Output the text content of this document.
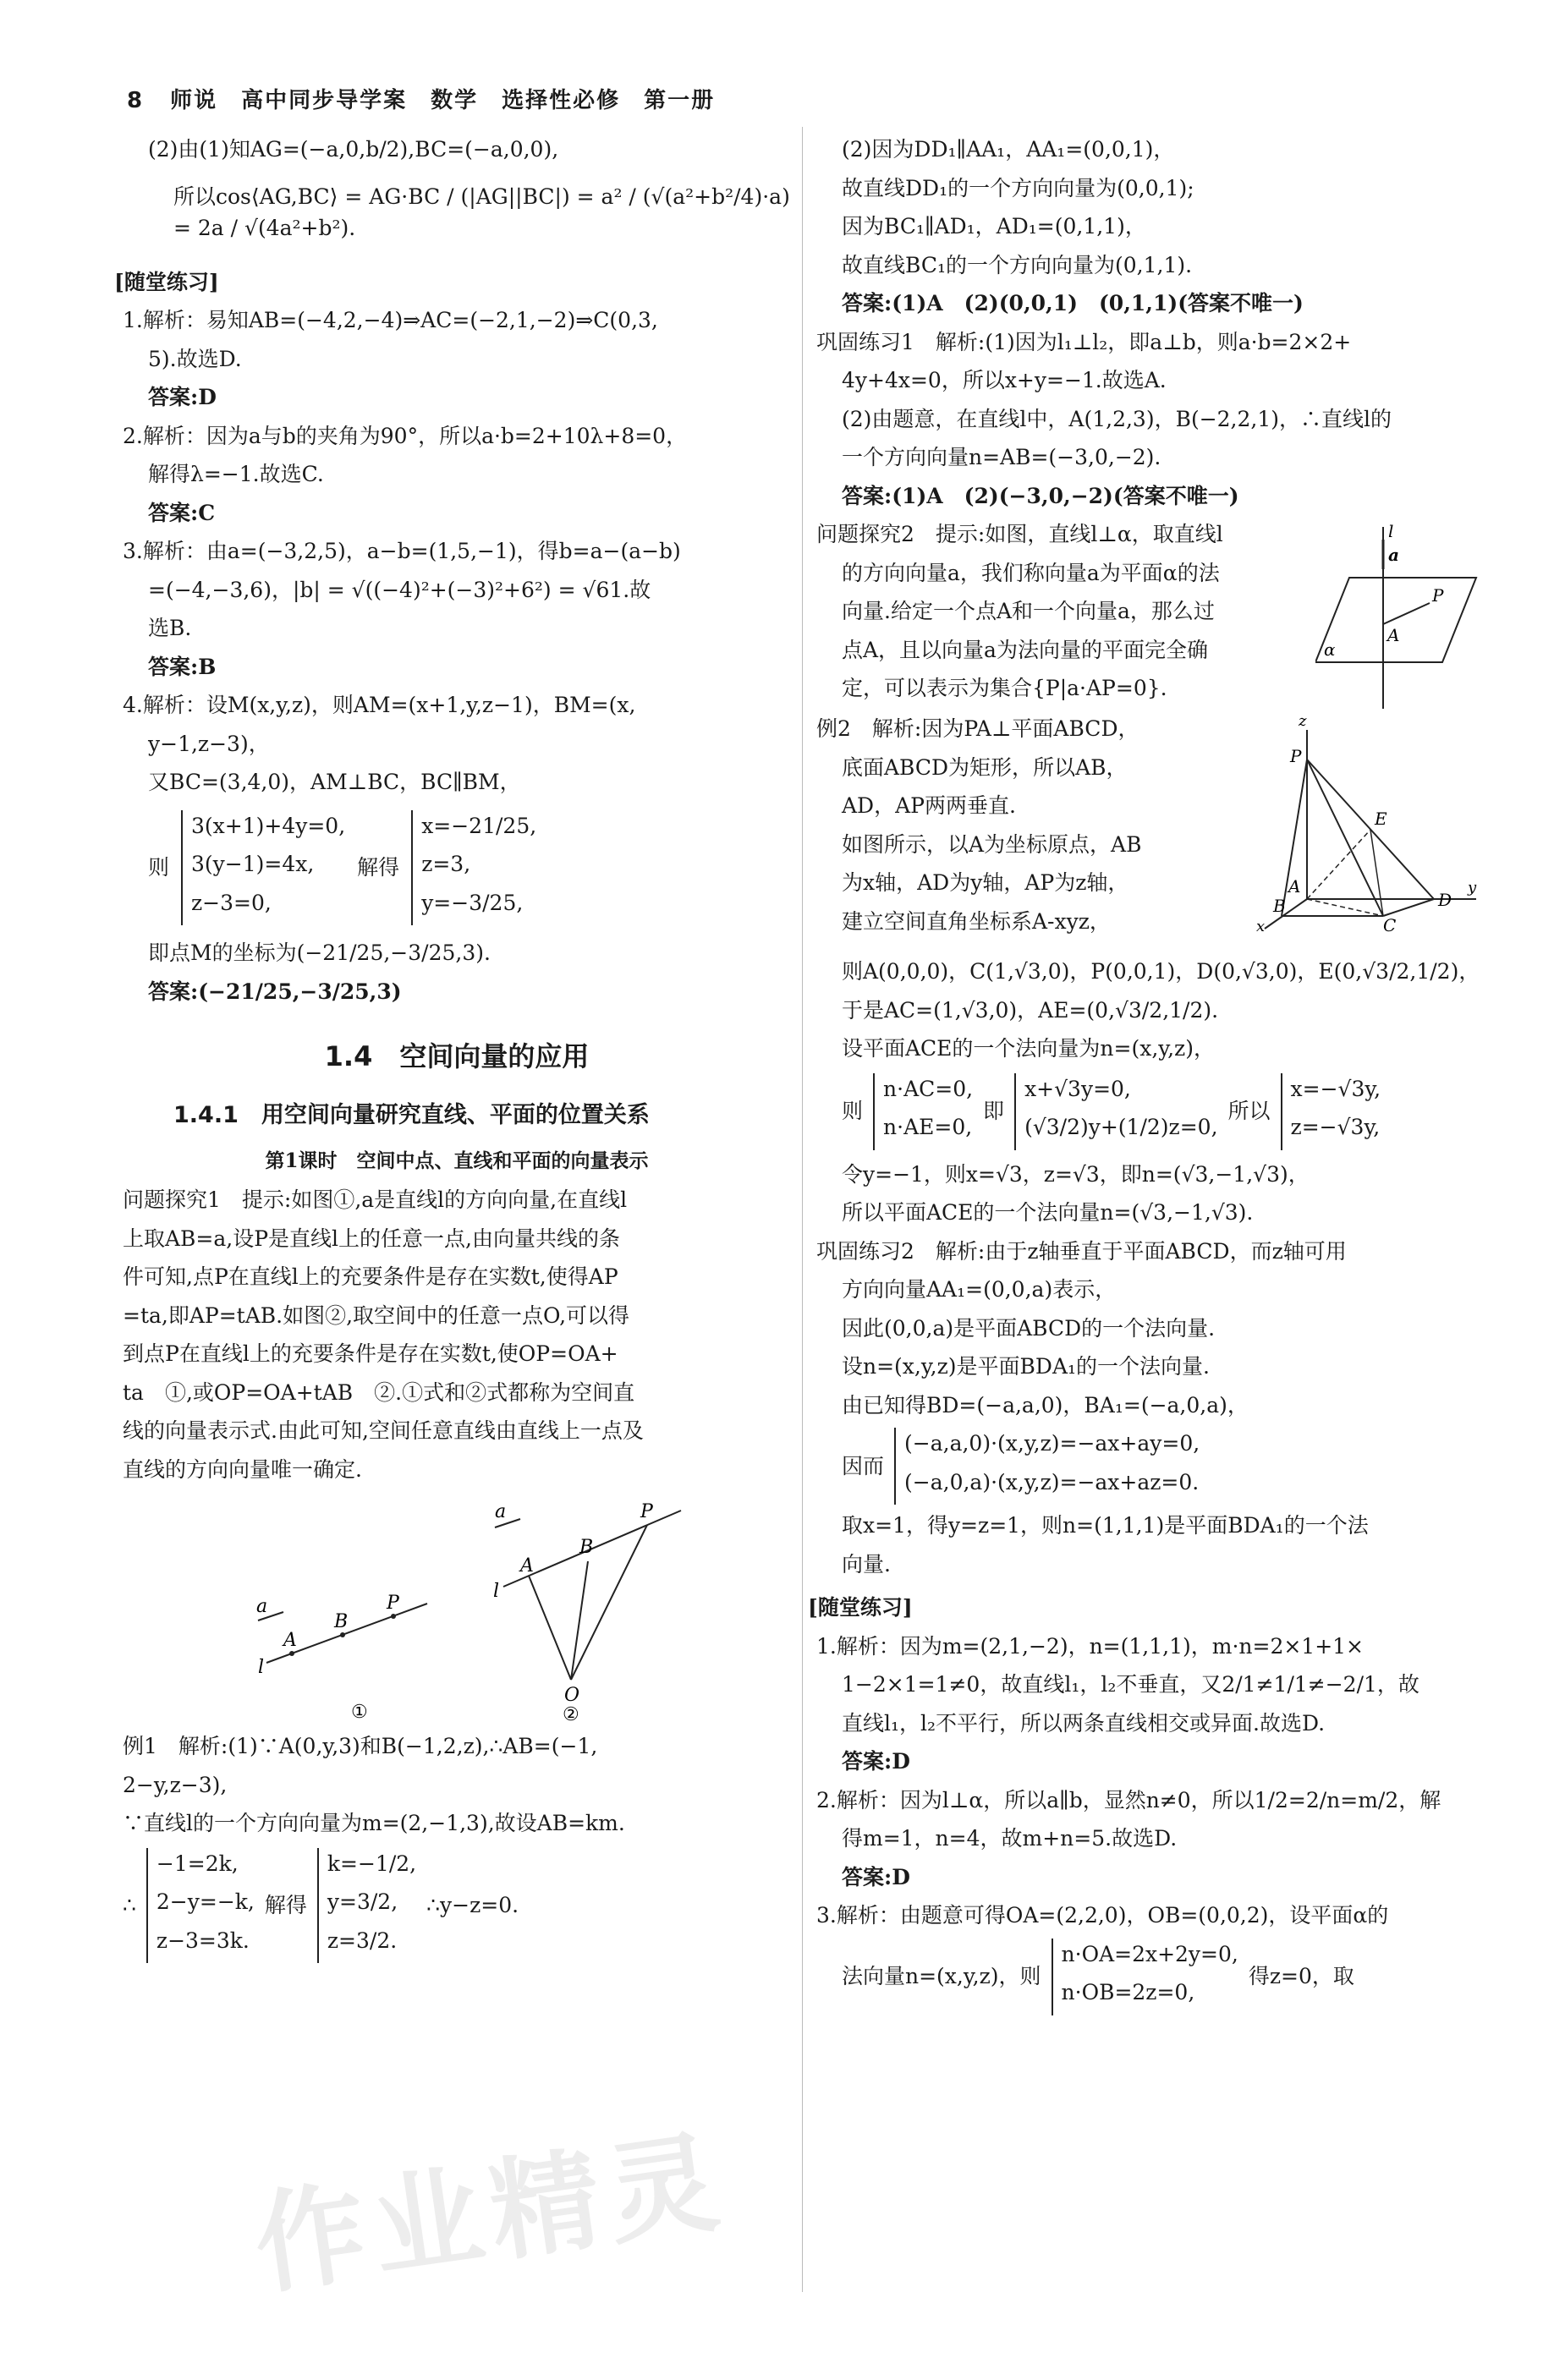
8 师说　高中同步导学案　数学　选择性必修　第一册
(2)由(1)知AG=(−a,0,b/2),BC=(−a,0,0),
所以cos⟨AG,BC⟩ = AG·BC / (|AG||BC|) = a² / (√(a²+b²/4)·a) = 2a / √(4a²+b²).
[随堂练习]
1.解析：易知AB=(−4,2,−4)⇒AC=(−2,1,−2)⇒C(0,3,
5).故选D.
答案:D
2.解析：因为a与b的夹角为90°，所以a·b=2+10λ+8=0，
解得λ=−1.故选C.
答案:C
3.解析：由a=(−3,2,5)，a−b=(1,5,−1)，得b=a−(a−b)
=(−4,−3,6)，|b| = √((−4)²+(−3)²+6²) = √61.故
选B.
答案:B
4.解析：设M(x,y,z)，则AM=(x+1,y,z−1)，BM=(x,
y−1,z−3)，
又BC=(3,4,0)，AM⊥BC，BC∥BM，
则
3(x+1)+4y=0,
3(y−1)=4x,
z−3=0,
解得
x=−21/25,
z=3,
y=−3/25,
即点M的坐标为(−21/25,−3/25,3).
答案:(−21/25,−3/25,3)
1.4　空间向量的应用
1.4.1　用空间向量研究直线、平面的位置关系
第1课时　空间中点、直线和平面的向量表示
问题探究1　提示:如图①,a是直线l的方向向量,在直线l
上取AB=a,设P是直线l上的任意一点,由向量共线的条
件可知,点P在直线l上的充要条件是存在实数t,使得AP
=ta,即AP=tAB.如图②,取空间中的任意一点O,可以得
到点P在直线l上的充要条件是存在实数t,使OP=OA+
ta　①,或OP=OA+tAB　②.①式和②式都称为空间直
线的向量表示式.由此可知,空间任意直线由直线上一点及
直线的方向向量唯一确定.
a
A
B
P
l
①
a
A
B
P
l
O
②
例1　解析:(1)∵A(0,y,3)和B(−1,2,z),∴AB=(−1,
2−y,z−3),
∵直线l的一个方向向量为m=(2,−1,3),故设AB=km.
∴
−1=2k,
2−y=−k,
z−3=3k.
解得
k=−1/2,
y=3/2,
z=3/2.
∴y−z=0.
(2)因为DD₁∥AA₁，AA₁=(0,0,1)，
故直线DD₁的一个方向向量为(0,0,1);
因为BC₁∥AD₁，AD₁=(0,1,1)，
故直线BC₁的一个方向向量为(0,1,1).
答案:(1)A　(2)(0,0,1)　(0,1,1)(答案不唯一)
巩固练习1　解析:(1)因为l₁⊥l₂，即a⊥b，则a·b=2×2+
4y+4x=0，所以x+y=−1.故选A.
(2)由题意，在直线l中，A(1,2,3)，B(−2,2,1)，∴直线l的
一个方向向量n=AB=(−3,0,−2).
答案:(1)A　(2)(−3,0,−2)(答案不唯一)
l
a
P
A
α
问题探究2　提示:如图，直线l⊥α，取直线l
的方向向量a，我们称向量a为平面α的法
向量.给定一个点A和一个向量a，那么过
点A，且以向量a为法向量的平面完全确
定，可以表示为集合{P|a·AP=0}.
z
P
E
A
D
y
B
C
x
例2　解析:因为PA⊥平面ABCD，
底面ABCD为矩形，所以AB，
AD，AP两两垂直.
如图所示，以A为坐标原点，AB
为x轴，AD为y轴，AP为z轴，
建立空间直角坐标系A-xyz，
则A(0,0,0)，C(1,√3,0)，P(0,0,1)，D(0,√3,0)，E(0,√3/2,1/2)，
于是AC=(1,√3,0)，AE=(0,√3/2,1/2).
设平面ACE的一个法向量为n=(x,y,z)，
则
n·AC=0,
n·AE=0,
即
x+√3y=0,
(√3/2)y+(1/2)z=0,
所以
x=−√3y,
z=−√3y,
令y=−1，则x=√3，z=√3，即n=(√3,−1,√3)，
所以平面ACE的一个法向量n=(√3,−1,√3).
巩固练习2　解析:由于z轴垂直于平面ABCD，而z轴可用
方向向量AA₁=(0,0,a)表示，
因此(0,0,a)是平面ABCD的一个法向量.
设n=(x,y,z)是平面BDA₁的一个法向量.
由已知得BD=(−a,a,0)，BA₁=(−a,0,a)，
因而
(−a,a,0)·(x,y,z)=−ax+ay=0,
(−a,0,a)·(x,y,z)=−ax+az=0.
取x=1，得y=z=1，则n=(1,1,1)是平面BDA₁的一个法
向量.
[随堂练习]
1.解析：因为m=(2,1,−2)，n=(1,1,1)，m·n=2×1+1×
1−2×1=1≠0，故直线l₁，l₂不垂直，又2/1≠1/1≠−2/1，故
直线l₁，l₂不平行，所以两条直线相交或异面.故选D.
答案:D
2.解析：因为l⊥α，所以a∥b，显然n≠0，所以1/2=2/n=m/2，解
得m=1，n=4，故m+n=5.故选D.
答案:D
3.解析：由题意可得OA=(2,2,0)，OB=(0,0,2)，设平面α的
法向量n=(x,y,z)，则
n·OA=2x+2y=0,
n·OB=2z=0,
得z=0，取
作业精灵
